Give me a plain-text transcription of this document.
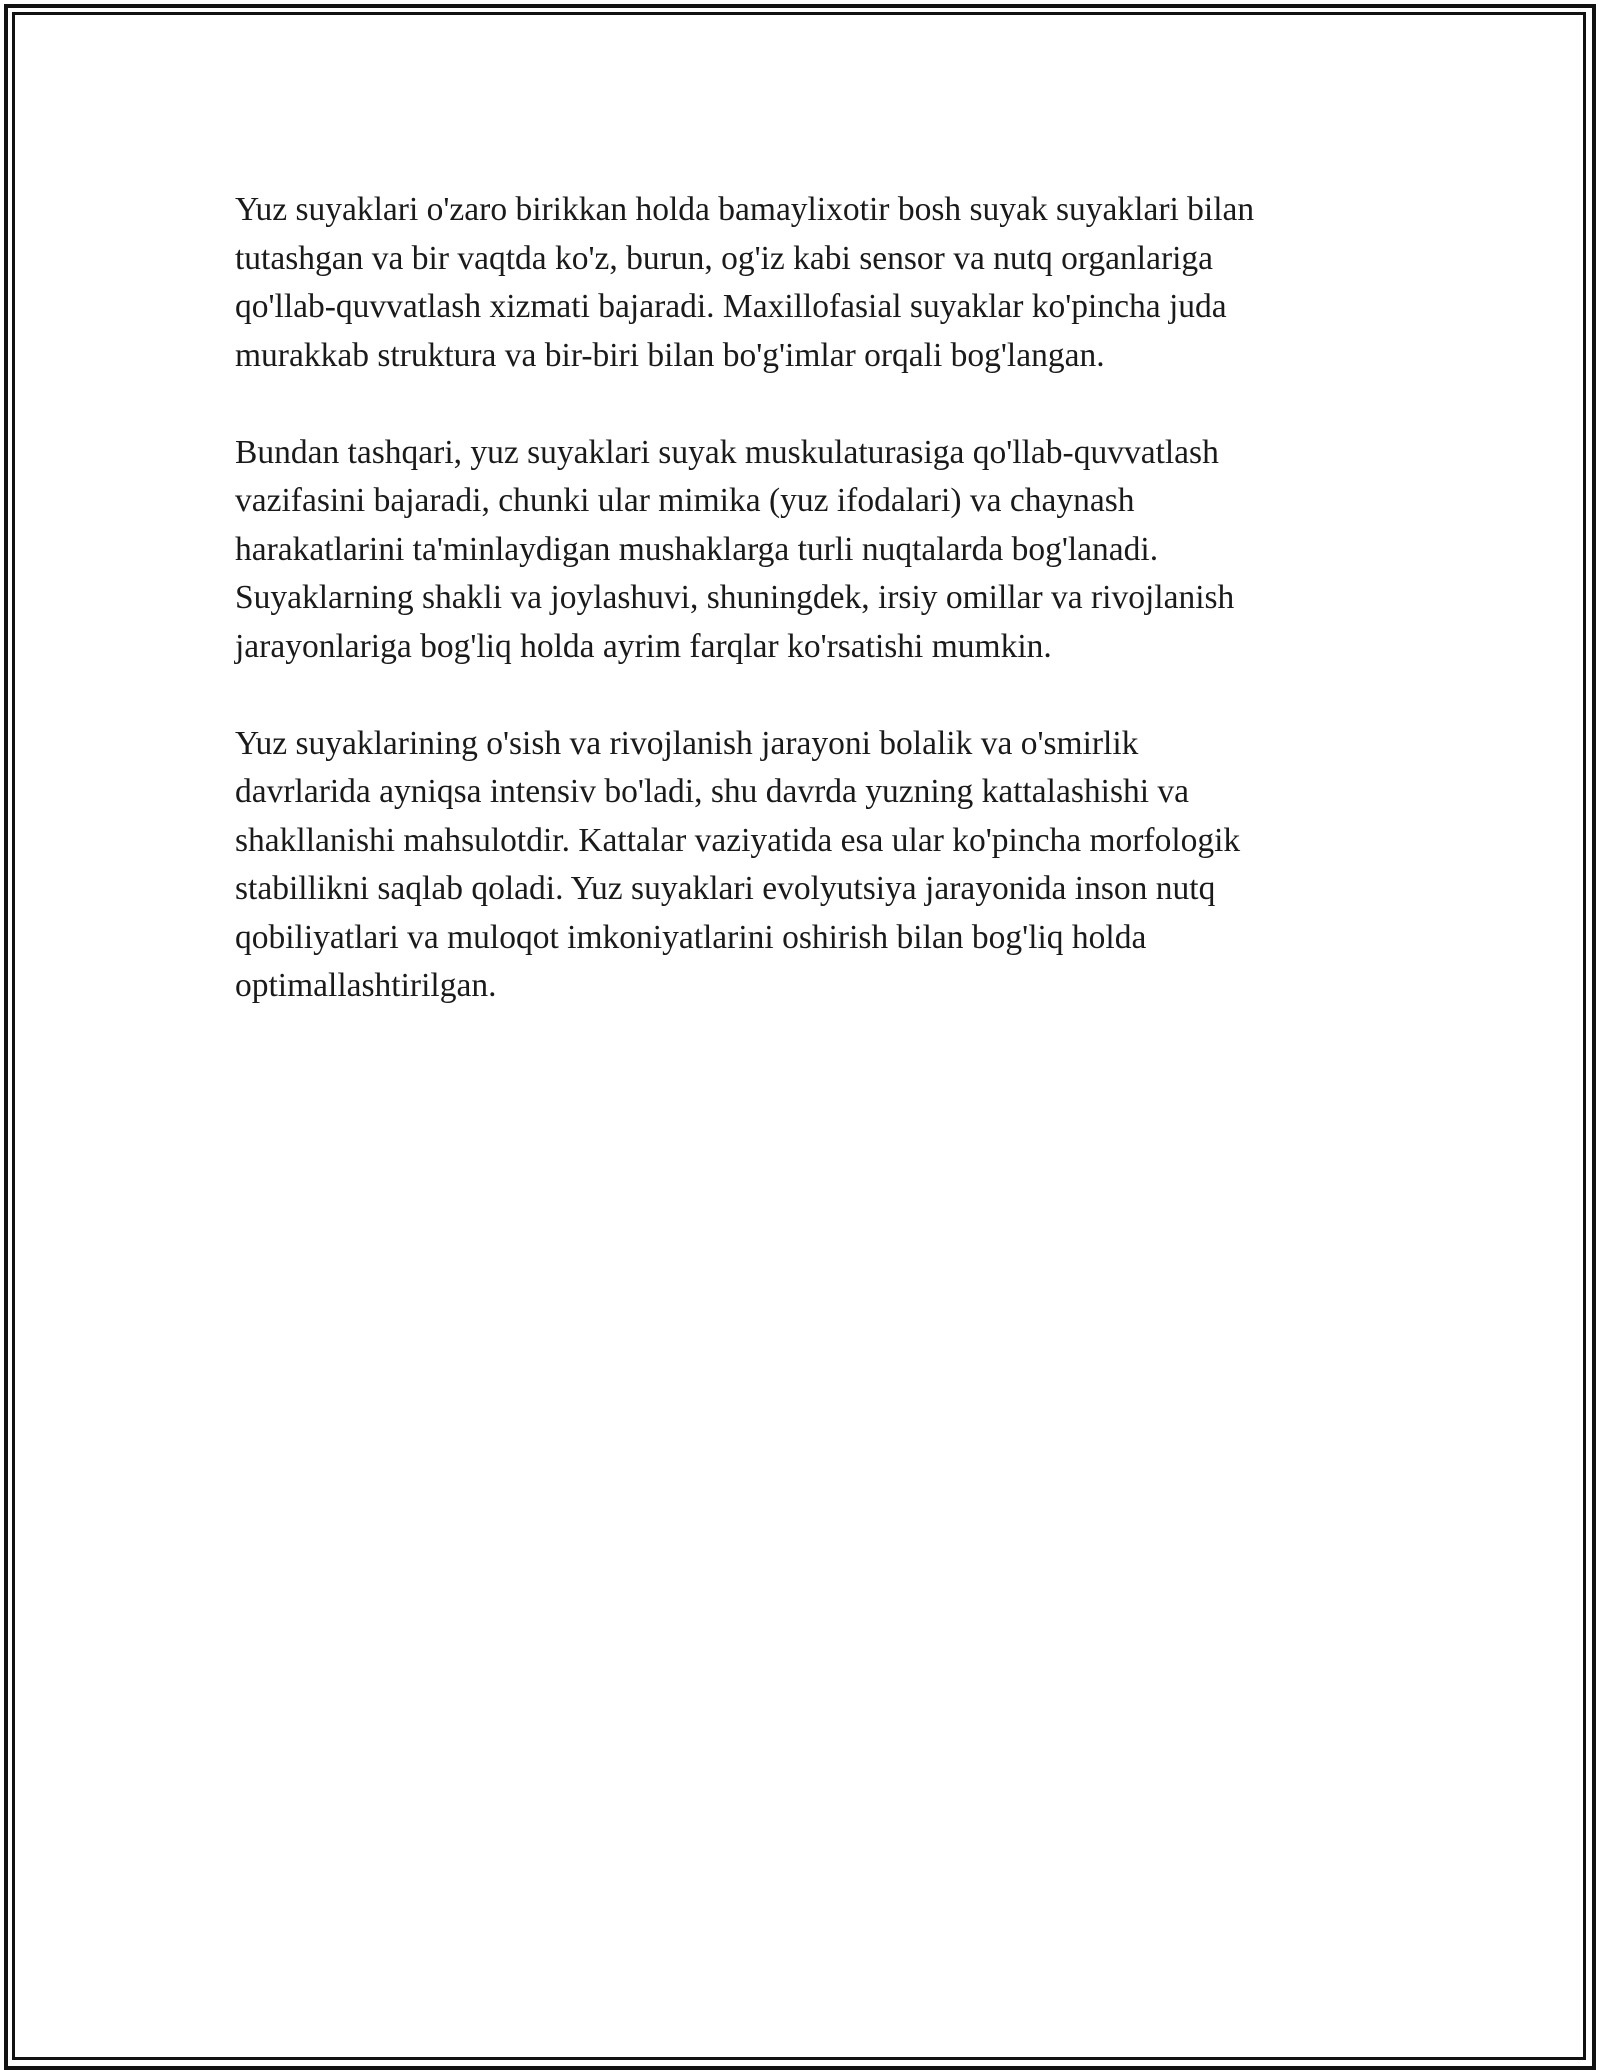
Yuz suyaklari o'zaro birikkan holda bamaylixotir bosh suyak suyaklari bilan
tutashgan va bir vaqtda ko'z, burun, og'iz kabi sensor va nutq organlariga
qo'llab-quvvatlash xizmati bajaradi. Maxillofasial suyaklar ko'pincha juda
murakkab struktura va bir-biri bilan bo'g'imlar orqali bog'langan.

Bundan tashqari, yuz suyaklari suyak muskulaturasiga qo'llab-quvvatlash
vazifasini bajaradi, chunki ular mimika (yuz ifodalari) va chaynash
harakatlarini ta'minlaydigan mushaklarga turli nuqtalarda bog'lanadi.
Suyaklarning shakli va joylashuvi, shuningdek, irsiy omillar va rivojlanish
jarayonlariga bog'liq holda ayrim farqlar ko'rsatishi mumkin.

Yuz suyaklarining o'sish va rivojlanish jarayoni bolalik va o'smirlik
davrlarida ayniqsa intensiv bo'ladi, shu davrda yuzning kattalashishi va
shakllanishi mahsulotdir. Kattalar vaziyatida esa ular ko'pincha morfologik
stabillikni saqlab qoladi. Yuz suyaklari evolyutsiya jarayonida inson nutq
qobiliyatlari va muloqot imkoniyatlarini oshirish bilan bog'liq holda
optimallashtirilgan.
